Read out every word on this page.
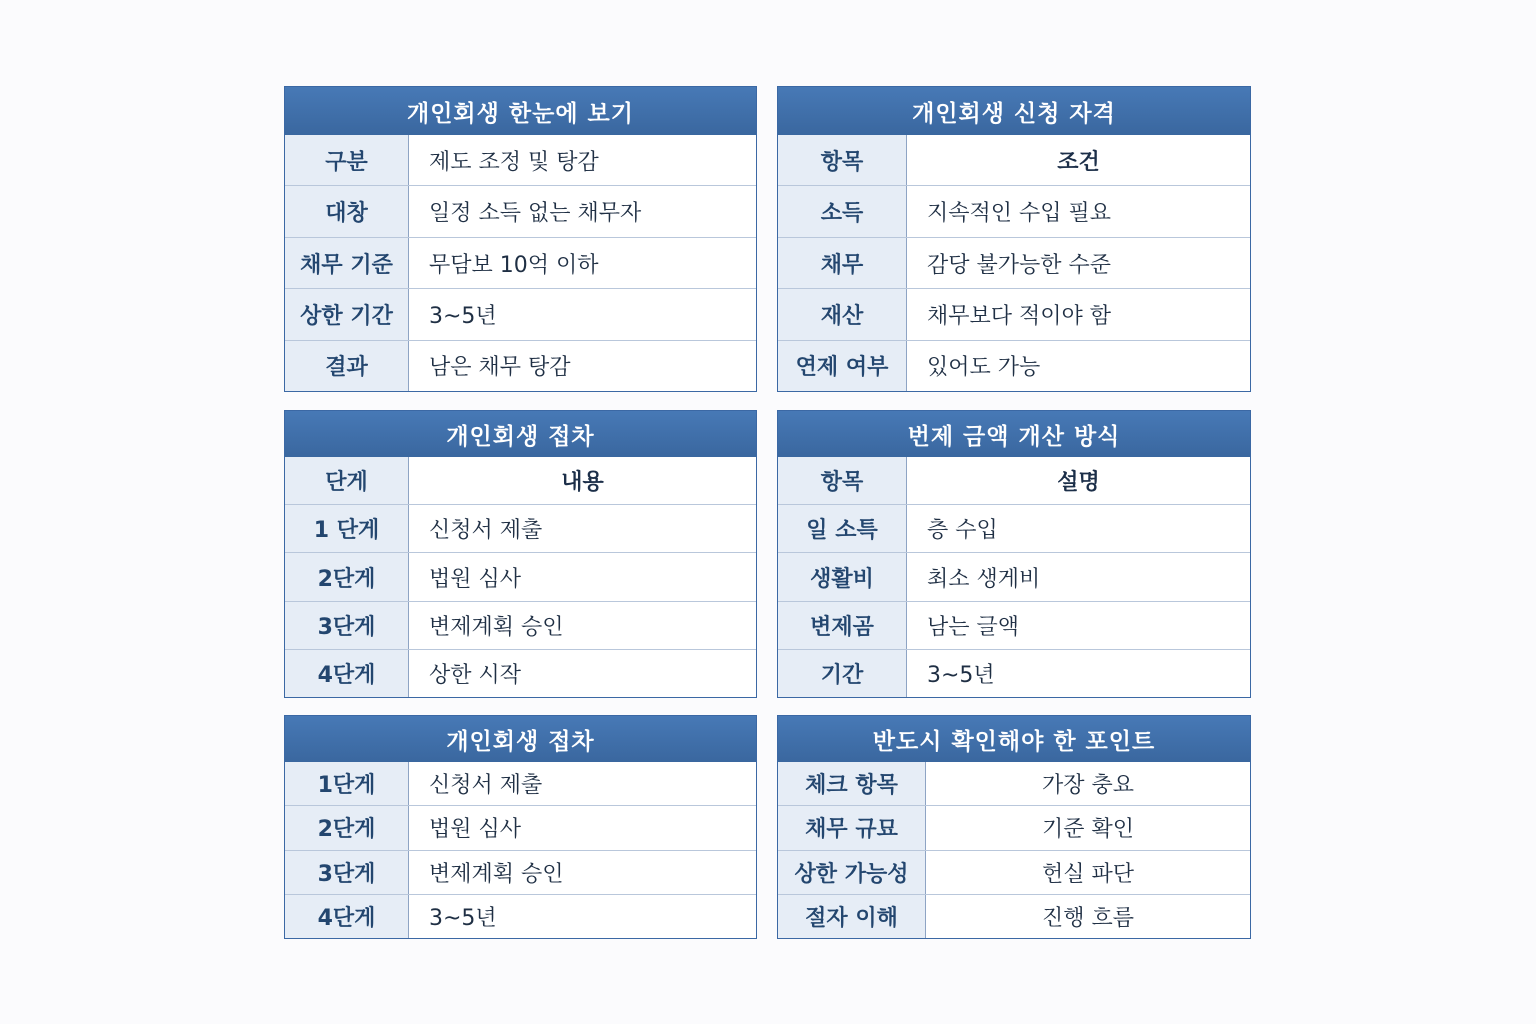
개인회생 한눈에 보기
구분	제도 조정 및 탕감
대창	일정 소득 없는 채무자
채무 기준	무담보 10억 이하
상한 기간	3~5년
결과	남은 채무 탕감
개인회생 신청 자격
항목	조건
소득	지속적인 수입 필요
채무	감당 불가능한 수준
재산	채무보다 적이야 함
연제 여부	있어도 가능
개인회생 접차
단게	내용
1 단게	신청서 제출
2단게	법원 심사
3단게	변제계획 승인
4단게	상한 시작
번제 금액 개산 방식
항목	설명
일 소특	층 수입
생활비	최소 생게비
변제곰	남는 글액
기간	3~5년
개인회생 접차
1단게	신청서 제출
2단게	법원 심사
3단게	변제계획 승인
4단게	3~5년
반도시 확인해야 한 포인트
체크 항목	가장 충요
채무 규묘	기준 확인
상한 가능성	헌실 파단
절자 이해	진행 흐름
